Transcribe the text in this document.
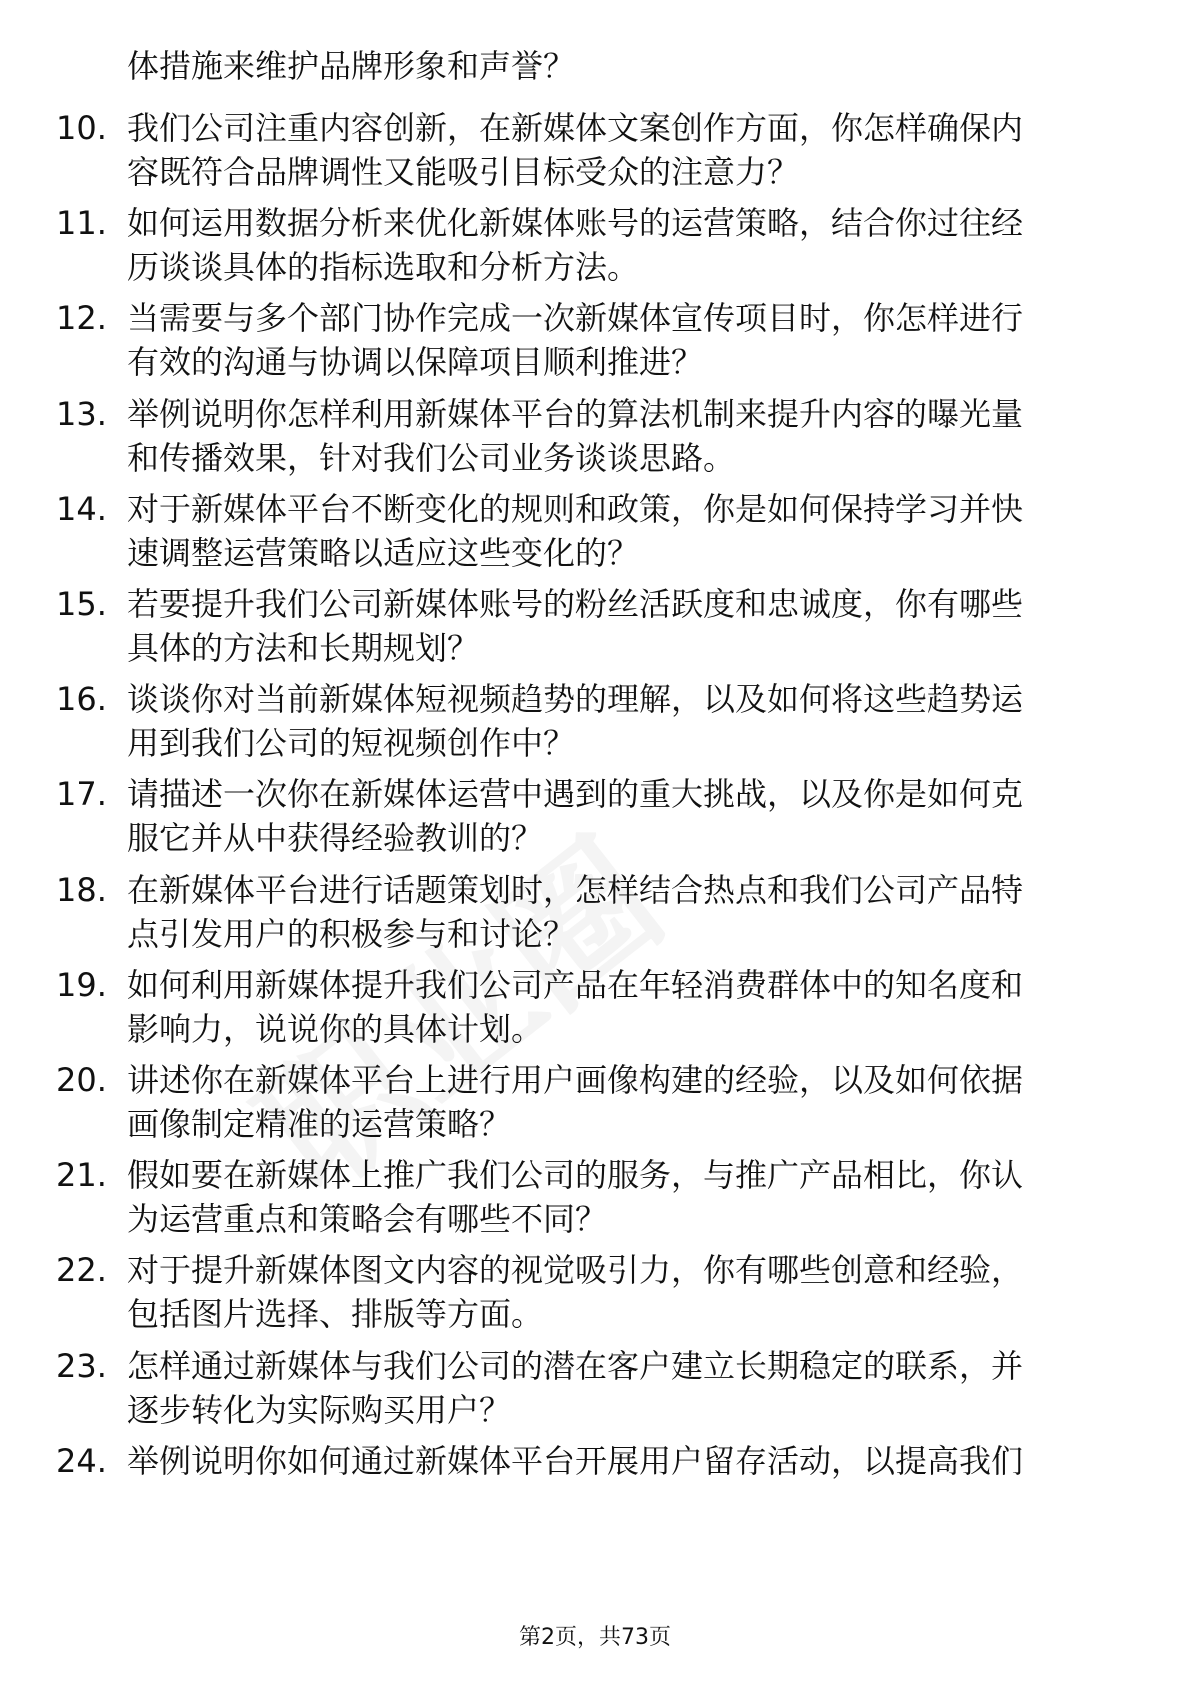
体措施来维护品牌形象和声誉？
10. 我们公司注重内容创新，在新媒体文案创作方面，你怎样确保内
容既符合品牌调性又能吸引目标受众的注意力？
11. 如何运用数据分析来优化新媒体账号的运营策略，结合你过往经
历谈谈具体的指标选取和分析方法。
12. 当需要与多个部门协作完成一次新媒体宣传项目时，你怎样进行
有效的沟通与协调以保障项目顺利推进？
13. 举例说明你怎样利用新媒体平台的算法机制来提升内容的曝光量
和传播效果，针对我们公司业务谈谈思路。
14. 对于新媒体平台不断变化的规则和政策，你是如何保持学习并快
速调整运营策略以适应这些变化的？
15. 若要提升我们公司新媒体账号的粉丝活跃度和忠诚度，你有哪些
具体的方法和长期规划？
16. 谈谈你对当前新媒体短视频趋势的理解，以及如何将这些趋势运
用到我们公司的短视频创作中？
17. 请描述一次你在新媒体运营中遇到的重大挑战，以及你是如何克
服它并从中获得经验教训的？
18. 在新媒体平台进行话题策划时，怎样结合热点和我们公司产品特
点引发用户的积极参与和讨论？
19. 如何利用新媒体提升我们公司产品在年轻消费群体中的知名度和
影响力，说说你的具体计划。
20. 讲述你在新媒体平台上进行用户画像构建的经验，以及如何依据
画像制定精准的运营策略？
21. 假如要在新媒体上推广我们公司的服务，与推广产品相比，你认
为运营重点和策略会有哪些不同？
22. 对于提升新媒体图文内容的视觉吸引力，你有哪些创意和经验，
包括图片选择、排版等方面。
23. 怎样通过新媒体与我们公司的潜在客户建立长期稳定的联系，并
逐步转化为实际购买用户？
24. 举例说明你如何通过新媒体平台开展用户留存活动，以提高我们
第2页，共73页
